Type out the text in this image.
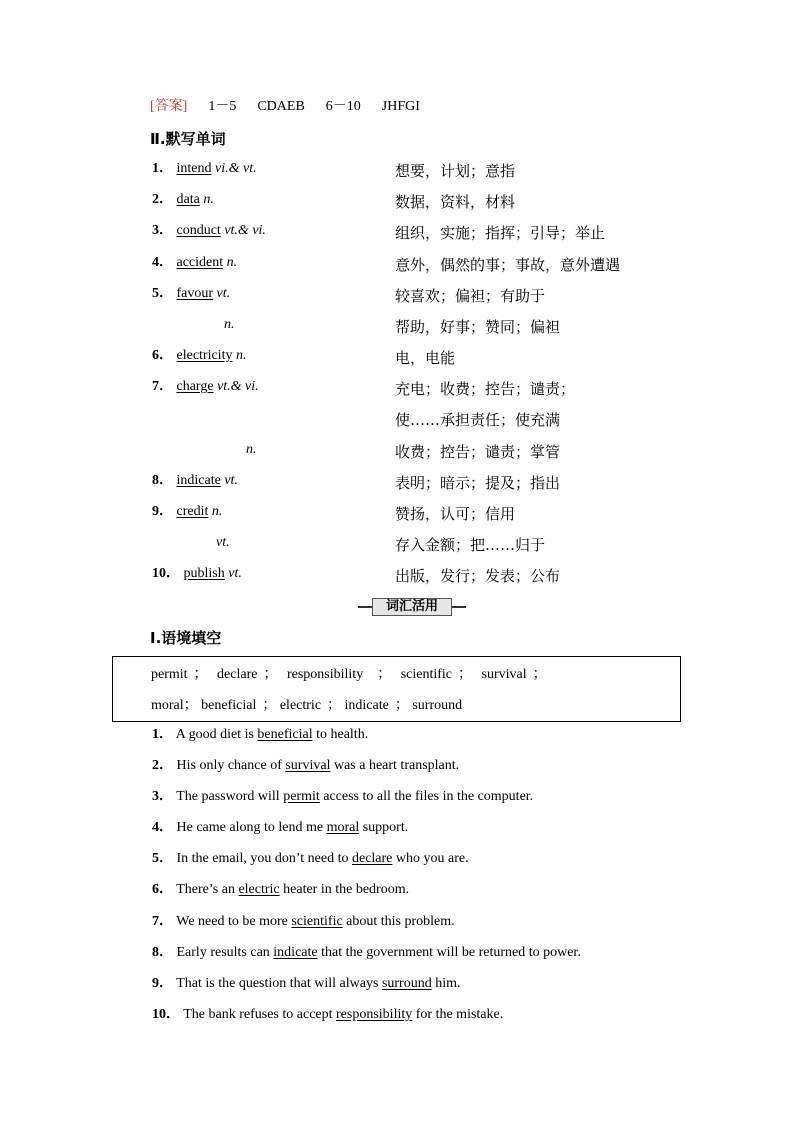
[答案] 1－5 CDAEB 6－10 JHFGI
Ⅱ.默写单词
1． intend vi.& vt.	想要，计划；意指
2． data n.	数据，资料，材料
3． conduct vt.& vi.	组织，实施；指挥；引导；举止
4． accident n.	意外，偶然的事；事故，意外遭遇
5． favour vt.	较喜欢；偏袒；有助于
n.	帮助，好事；赞同；偏袒
6． electricity n.	电，电能
7． charge vt.& vi.	充电；收费；控告；谴责；
使……承担责任；使充满
n.	收费；控告；谴责；掌管
8． indicate vt.	表明；暗示；提及；指出
9． credit n.	赞扬，认可；信用
vt.	存入金额；把……归于
10． publish vt.	出版，发行；发表；公布
词汇活用
Ⅰ.语境填空
permit ； declare ； responsibility ； scientific ； survival ；
moral； beneficial ； electric ； indicate ； surround
1． A good diet is beneficial to health.
2． His only chance of survival was a heart transplant.
3． The password will permit access to all the files in the computer.
4． He came along to lend me moral support.
5． In the email, you don’t need to declare who you are.
6． There’s an electric heater in the bedroom.
7． We need to be more scientific about this problem.
8． Early results can indicate that the government will be returned to power.
9． That is the question that will always surround him.
10． The bank refuses to accept responsibility for the mistake.
